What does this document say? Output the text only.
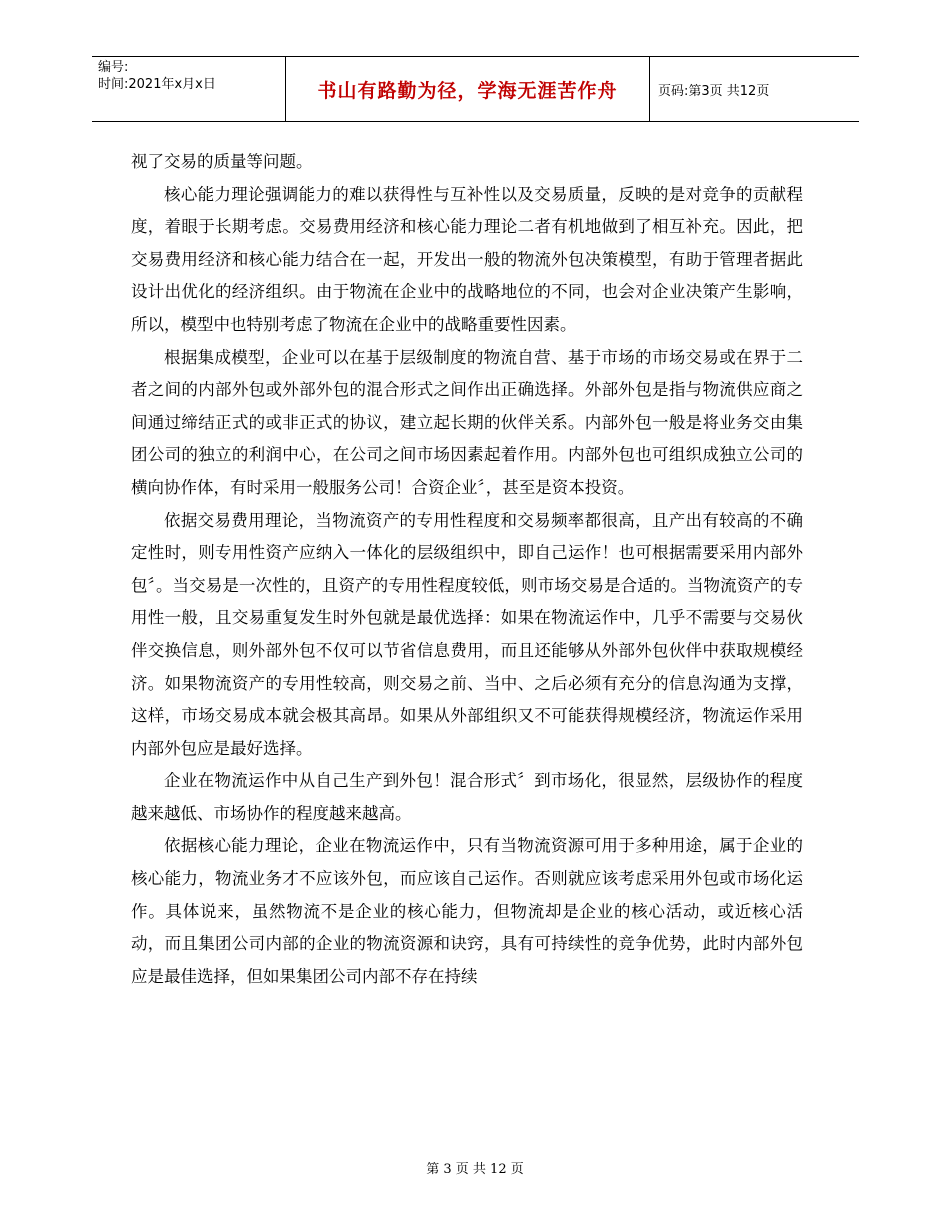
编号:
时间:2021年x月x日	书山有路勤为径，学海无涯苦作舟	页码:第3页 共12页

视了交易的质量等问题。

核心能力理论强调能力的难以获得性与互补性以及交易质量，反映的是对竞争的贡献程度，着眼于长期考虑。交易费用经济和核心能力理论二者有机地做到了相互补充。因此，把交易费用经济和核心能力结合在一起，开发出一般的物流外包决策模型，有助于管理者据此设计出优化的经济组织。由于物流在企业中的战略地位的不同，也会对企业决策产生影响，所以，模型中也特别考虑了物流在企业中的战略重要性因素。

根据集成模型，企业可以在基于层级制度的物流自营、基于市场的市场交易或在界于二者之间的内部外包或外部外包的混合形式之间作出正确选择。外部外包是指与物流供应商之间通过缔结正式的或非正式的协议，建立起长期的伙伴关系。内部外包一般是将业务交由集团公司的独立的利润中心，在公司之间市场因素起着作用。内部外包也可组织成独立公司的横向协作体，有时采用一般服务公司！合资企业〞，甚至是资本投资。

依据交易费用理论，当物流资产的专用性程度和交易频率都很高，且产出有较高的不确定性时，则专用性资产应纳入一体化的层级组织中，即自己运作！也可根据需要采用内部外包〞。当交易是一次性的，且资产的专用性程度较低，则市场交易是合适的。当物流资产的专用性一般，且交易重复发生时外包就是最优选择：如果在物流运作中，几乎不需要与交易伙伴交换信息，则外部外包不仅可以节省信息费用，而且还能够从外部外包伙伴中获取规模经济。如果物流资产的专用性较高，则交易之前、当中、之后必须有充分的信息沟通为支撑，这样，市场交易成本就会极其高昂。如果从外部组织又不可能获得规模经济，物流运作采用内部外包应是最好选择。

企业在物流运作中从自己生产到外包！混合形式〞到市场化，很显然，层级协作的程度越来越低、市场协作的程度越来越高。

依据核心能力理论，企业在物流运作中，只有当物流资源可用于多种用途，属于企业的核心能力，物流业务才不应该外包，而应该自己运作。否则就应该考虑采用外包或市场化运作。具体说来，虽然物流不是企业的核心能力，但物流却是企业的核心活动，或近核心活动，而且集团公司内部的企业的物流资源和诀窍，具有可持续性的竞争优势，此时内部外包应是最佳选择，但如果集团公司内部不存在持续

第 3 页 共 12 页
